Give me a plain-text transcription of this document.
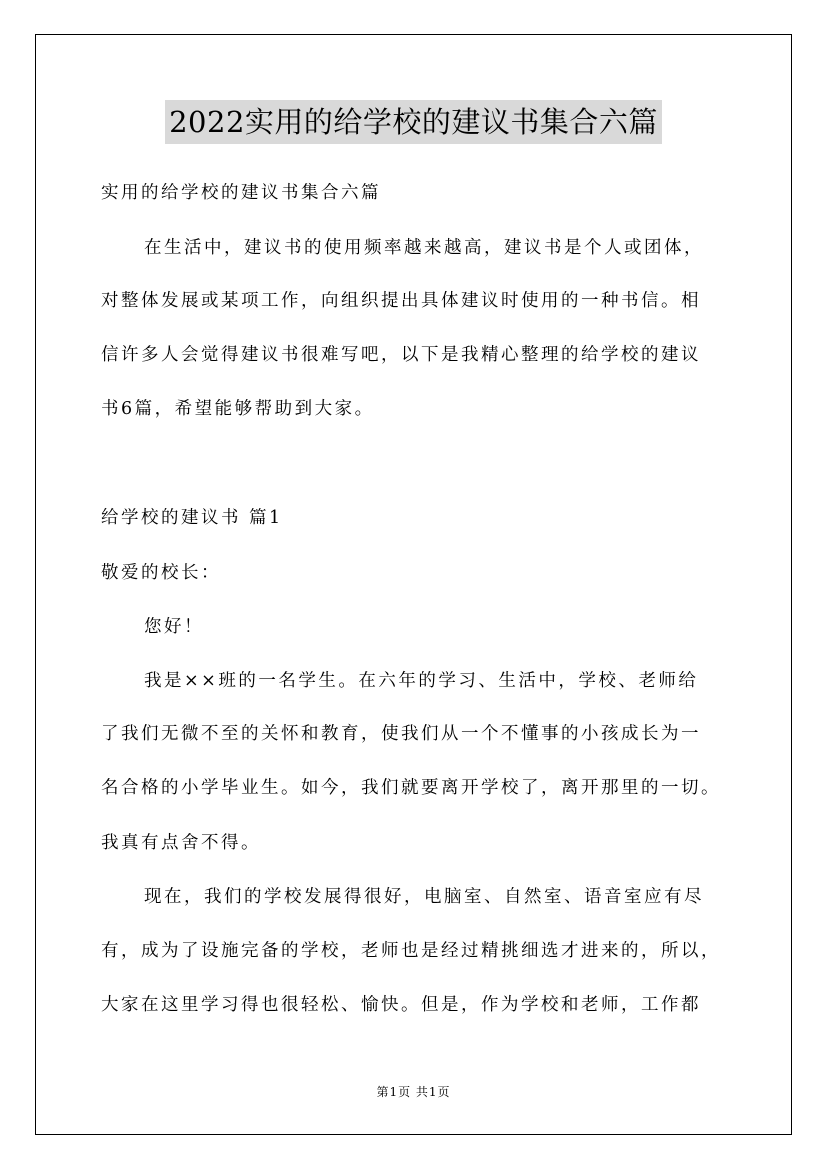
2022实用的给学校的建议书集合六篇
实用的给学校的建议书集合六篇
在生活中，建议书的使用频率越来越高，建议书是个人或团体，
对整体发展或某项工作，向组织提出具体建议时使用的一种书信。相
信许多人会觉得建议书很难写吧，以下是我精心整理的给学校的建议
书6篇，希望能够帮助到大家。
给学校的建议书 篇1
敬爱的校长：
您好！
我是××班的一名学生。在六年的学习、生活中，学校、老师给
了我们无微不至的关怀和教育，使我们从一个不懂事的小孩成长为一
名合格的小学毕业生。如今，我们就要离开学校了，离开那里的一切。
我真有点舍不得。
现在，我们的学校发展得很好，电脑室、自然室、语音室应有尽
有，成为了设施完备的学校，老师也是经过精挑细选才进来的，所以，
大家在这里学习得也很轻松、愉快。但是，作为学校和老师，工作都
第1页 共1页
